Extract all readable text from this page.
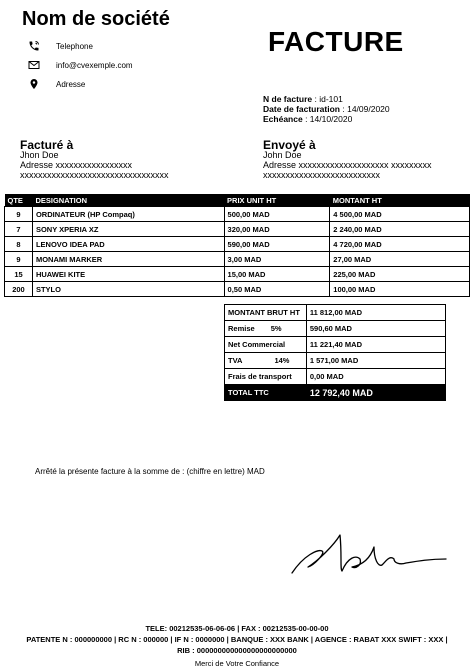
Nom de société
Telephone
info@cvexemple.com
Adresse
FACTURE
N de facture : id-101
Date de facturation : 14/09/2020
Echéance : 14/10/2020
Facturé à
Jhon Doe
Adresse xxxxxxxxxxxxxxxxx
xxxxxxxxxxxxxxxxxxxxxxxxxxxxxxxxx
Envoyé à
John Doe
Adresse xxxxxxxxxxxxxxxxxxxx xxxxxxxxx
xxxxxxxxxxxxxxxxxxxxxxxxxx
QTE	DESIGNATION	PRIX UNIT HT	MONTANT HT
9	ORDINATEUR (HP Compaq)	500,00 MAD	4 500,00 MAD
7	SONY XPERIA XZ	320,00 MAD	2 240,00 MAD
8	LENOVO IDEA PAD	590,00 MAD	4 720,00 MAD
9	MONAMI MARKER	3,00 MAD	27,00 MAD
15	HUAWEI KITE	15,00 MAD	225,00 MAD
200	STYLO	0,50 MAD	100,00 MAD
MONTANT BRUT HT	11 812,00 MAD
Remise 5%	590,60 MAD
Net Commercial	11 221,40 MAD
TVA 14%	1 571,00 MAD
Frais de transport	0,00 MAD
TOTAL TTC	12 792,40 MAD
Arrêté la présente facture à la somme de : (chiffre en lettre) MAD
TELE: 00212535-06-06-06 | FAX : 00212535-00-00-00
PATENTE N : 000000000 | RC N : 000000 | IF N : 0000000 | BANQUE : XXX BANK | AGENCE : RABAT XXX SWIFT : XXX |
RIB : 000000000000000000000000
Merci de Votre Confiance
